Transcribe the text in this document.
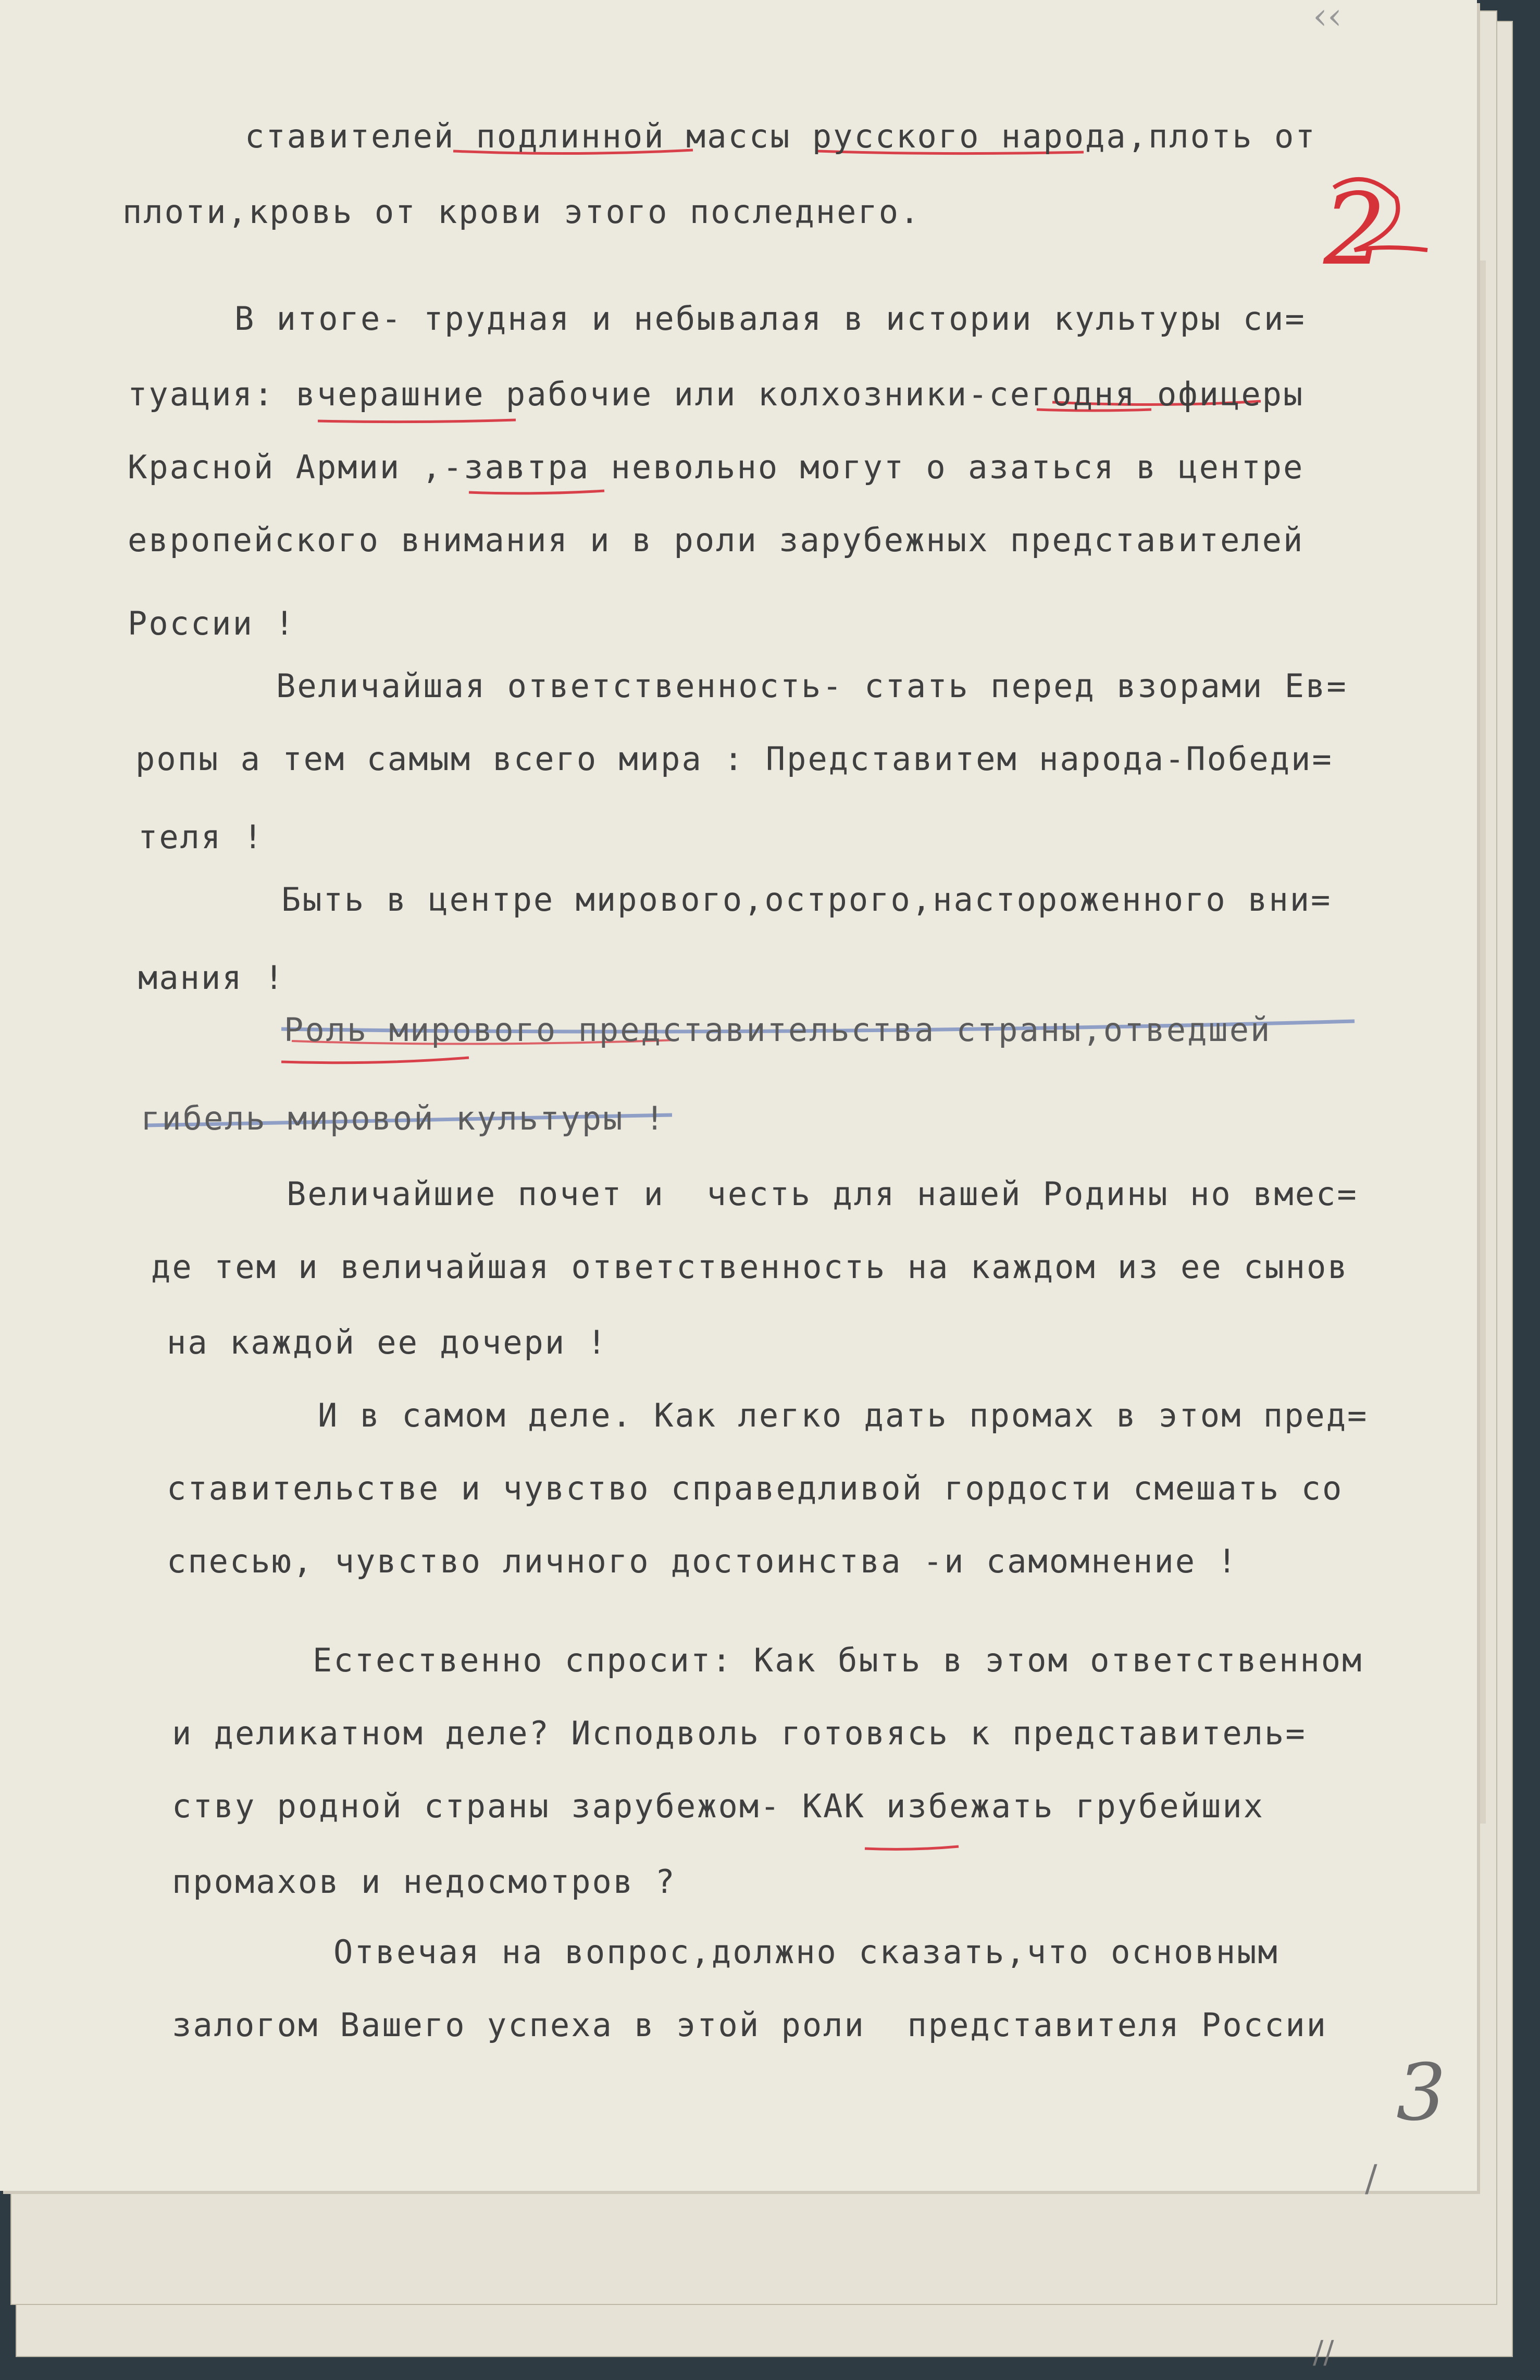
‹‹
2
3
ставителей подлинной массы русского народа,плоть от
плоти,кровь от крови этого последнего.
В итоге- трудная и небывалая в истории культуры си=
туация: вчерашние рабочие или колхозники-сегодня офицеры
Красной Армии ,-завтра невольно могут о азаться в центре
европейского внимания и в роли зарубежных представителей
России !
Величайшая ответственность- стать перед взорами Ев=
ропы а тем самым всего мира : Представитем народа-Победи=
теля !
Быть в центре мирового,острого,настороженного вни=
мания !
Роль мирового представительства страны,отведшей
гибель мировой культуры !
Величайшие почет и  честь для нашей Родины но вмес=
де тем и величайшая ответственность на каждом из ее сынов
на каждой ее дочери !
И в самом деле. Как легко дать промах в этом пред=
ставительстве и чувство справедливой гордости смешать со
спесью, чувство личного достоинства -и самомнение !
Естественно спросит: Как быть в этом ответственном
и деликатном деле? Исподволь готовясь к представитель=
ству родной страны зарубежом- КАК избежать грубейших
промахов и недосмотров ?
Отвечая на вопрос,должно сказать,что основным
залогом Вашего успеха в этой роли  представителя России
/
//
